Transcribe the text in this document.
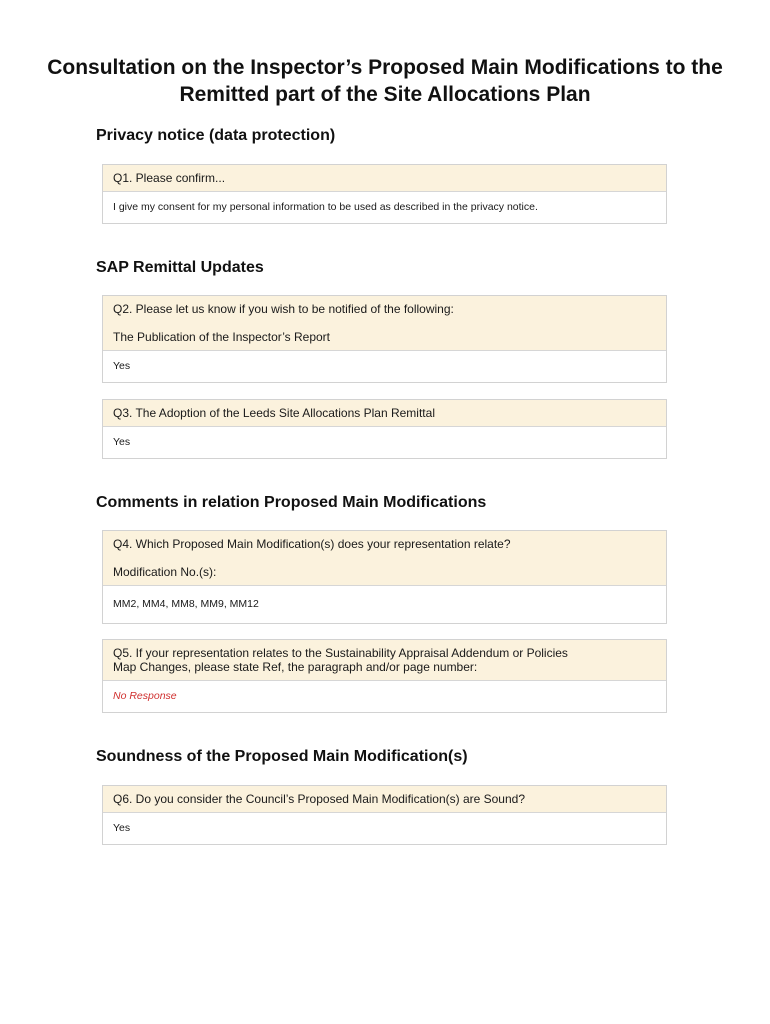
Consultation on the Inspector’s Proposed Main Modifications to the
Remitted part of the Site Allocations Plan
Privacy notice (data protection)
Q1. Please confirm...
I give my consent for my personal information to be used as described in the privacy notice.
SAP Remittal Updates
Q2. Please let us know if you wish to be notified of the following:
The Publication of the Inspector’s Report
Yes
Q3. The Adoption of the Leeds Site Allocations Plan Remittal
Yes
Comments in relation Proposed Main Modifications
Q4. Which Proposed Main Modification(s) does your representation relate?
Modification No.(s):
MM2, MM4, MM8, MM9, MM12
Q5. If your representation relates to the Sustainability Appraisal Addendum or Policies
Map Changes, please state Ref, the paragraph and/or page number:
No Response
Soundness of the Proposed Main Modification(s)
Q6. Do you consider the Council’s Proposed Main Modification(s) are Sound?
Yes
